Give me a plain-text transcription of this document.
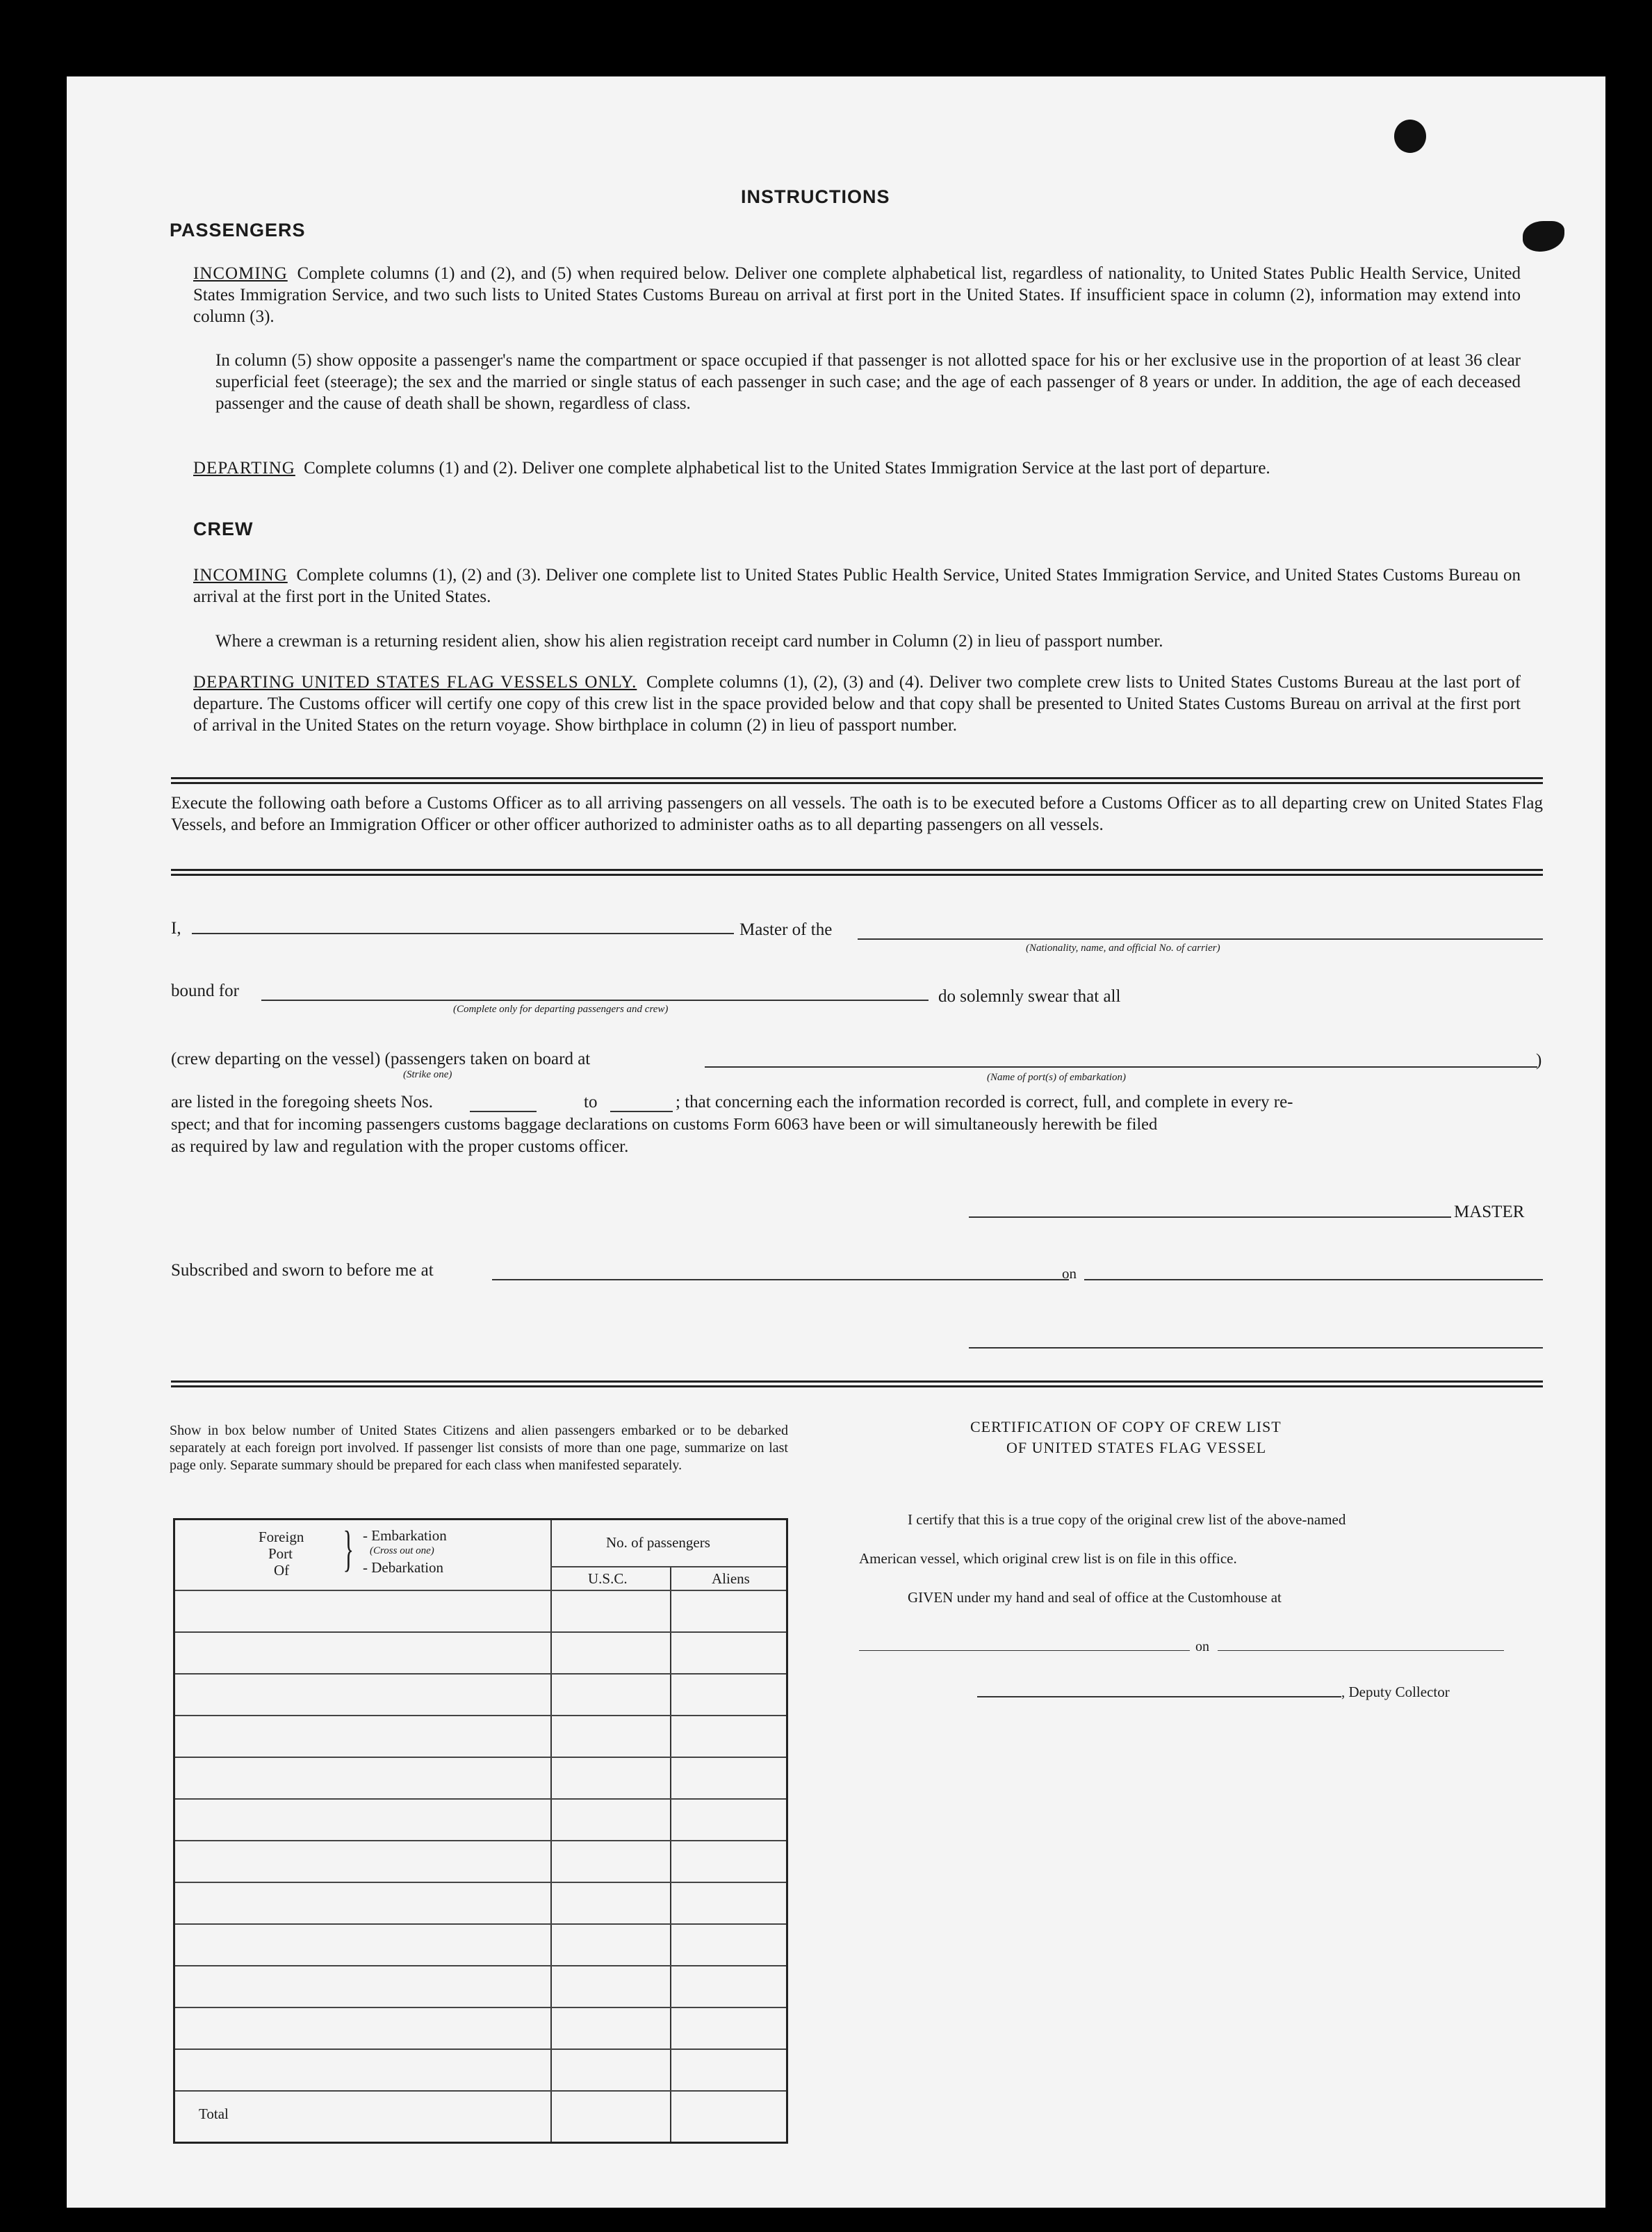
INSTRUCTIONS
PASSENGERS
INCOMING Complete columns (1) and (2), and (5) when required below. Deliver one complete alphabetical list, regardless of nationality, to United States Public Health Service, United States Immigration Service, and two such lists to United States Customs Bureau on arrival at first port in the United States. If insufficient space in column (2), information may extend into column (3).
In column (5) show opposite a passenger's name the compartment or space occupied if that passenger is not allotted space for his or her exclusive use in the proportion of at least 36 clear superficial feet (steerage); the sex and the married or single status of each passenger in such case; and the age of each passenger of 8 years or under. In addition, the age of each deceased passenger and the cause of death shall be shown, regardless of class.
DEPARTING Complete columns (1) and (2). Deliver one complete alphabetical list to the United States Immigration Service at the last port of departure.
CREW
INCOMING Complete columns (1), (2) and (3). Deliver one complete list to United States Public Health Service, United States Immigration Service, and United States Customs Bureau on arrival at the first port in the United States.
Where a crewman is a returning resident alien, show his alien registration receipt card number in Column (2) in lieu of passport number.
DEPARTING UNITED STATES FLAG VESSELS ONLY. Complete columns (1), (2), (3) and (4). Deliver two complete crew lists to United States Customs Bureau at the last port of departure. The Customs officer will certify one copy of this crew list in the space provided below and that copy shall be presented to United States Customs Bureau on arrival at the first port of arrival in the United States on the return voyage. Show birthplace in column (2) in lieu of passport number.
Execute the following oath before a Customs Officer as to all arriving passengers on all vessels. The oath is to be executed before a Customs Officer as to all departing crew on United States Flag Vessels, and before an Immigration Officer or other officer authorized to administer oaths as to all departing passengers on all vessels.
I,	Master of the
(Nationality, name, and official No. of carrier)
bound for
(Complete only for departing passengers and crew)
do solemnly swear that all
(crew departing on the vessel) (passengers taken on board at
(Strike one)	(Name of port(s) of embarkation)
)
are listed in the foregoing sheets Nos.	to	; that concerning each the information recorded is correct, full, and complete in every re-
spect; and that for incoming passengers customs baggage declarations on customs Form 6063 have been or will simultaneously herewith be filed
as required by law and regulation with the proper customs officer.
MASTER
Subscribed and sworn to before me at	on
Show in box below number of United States Citizens and alien passengers embarked or to be debarked separately at each foreign port involved. If passenger list consists of more than one page, summarize on last page only. Separate summary should be prepared for each class when manifested separately.
Foreign
Port
Of } - Embarkation
(Cross out one)
- Debarkation
No. of passengers
U.S.C.	Aliens
Total
CERTIFICATION OF COPY OF CREW LIST
OF UNITED STATES FLAG VESSEL
I certify that this is a true copy of the original crew list of the above-named
American vessel, which original crew list is on file in this office.
GIVEN under my hand and seal of office at the Customhouse at
on
, Deputy Collector
